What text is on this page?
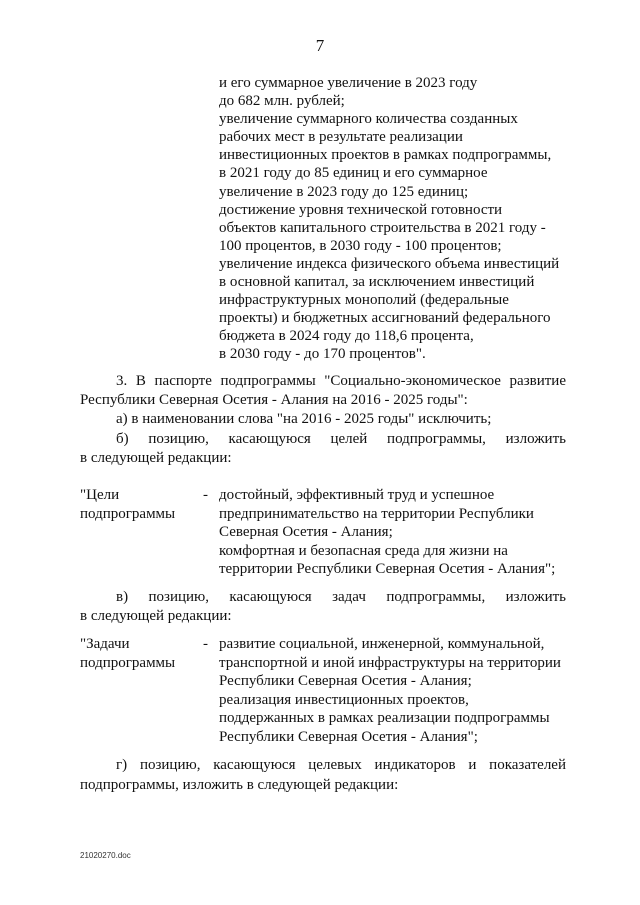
7
и его суммарное увеличение в 2023 году
до 682 млн. рублей;
увеличение суммарного количества созданных
рабочих мест в результате реализации
инвестиционных проектов в рамках подпрограммы,
в 2021 году до 85 единиц и его суммарное
увеличение в 2023 году до 125 единиц;
достижение уровня технической готовности
объектов капитального строительства в 2021 году -
100 процентов, в 2030 году - 100 процентов;
увеличение индекса физического объема инвестиций
в основной капитал, за исключением инвестиций
инфраструктурных монополий (федеральные
проекты) и бюджетных ассигнований федерального
бюджета в 2024 году до 118,6 процента,
в 2030 году - до 170 процентов".
3. В паспорте подпрограммы "Социально-экономическое развитие
Республики Северная Осетия - Алания на 2016 - 2025 годы":
а) в наименовании слова "на 2016 - 2025 годы" исключить;
б) позицию, касающуюся целей подпрограммы, изложить
в следующей редакции:
"Цели
подпрограммы
- достойный, эффективный труд и успешное
предпринимательство на территории Республики
Северная Осетия - Алания;
комфортная и безопасная среда для жизни на
территории Республики Северная Осетия - Алания";
в) позицию, касающуюся задач подпрограммы, изложить
в следующей редакции:
"Задачи
подпрограммы
- развитие социальной, инженерной, коммунальной,
транспортной и иной инфраструктуры на территории
Республики Северная Осетия - Алания;
реализация инвестиционных проектов,
поддержанных в рамках реализации подпрограммы
Республики Северная Осетия - Алания";
г) позицию, касающуюся целевых индикаторов и показателей
подпрограммы, изложить в следующей редакции:
21020270.doc
